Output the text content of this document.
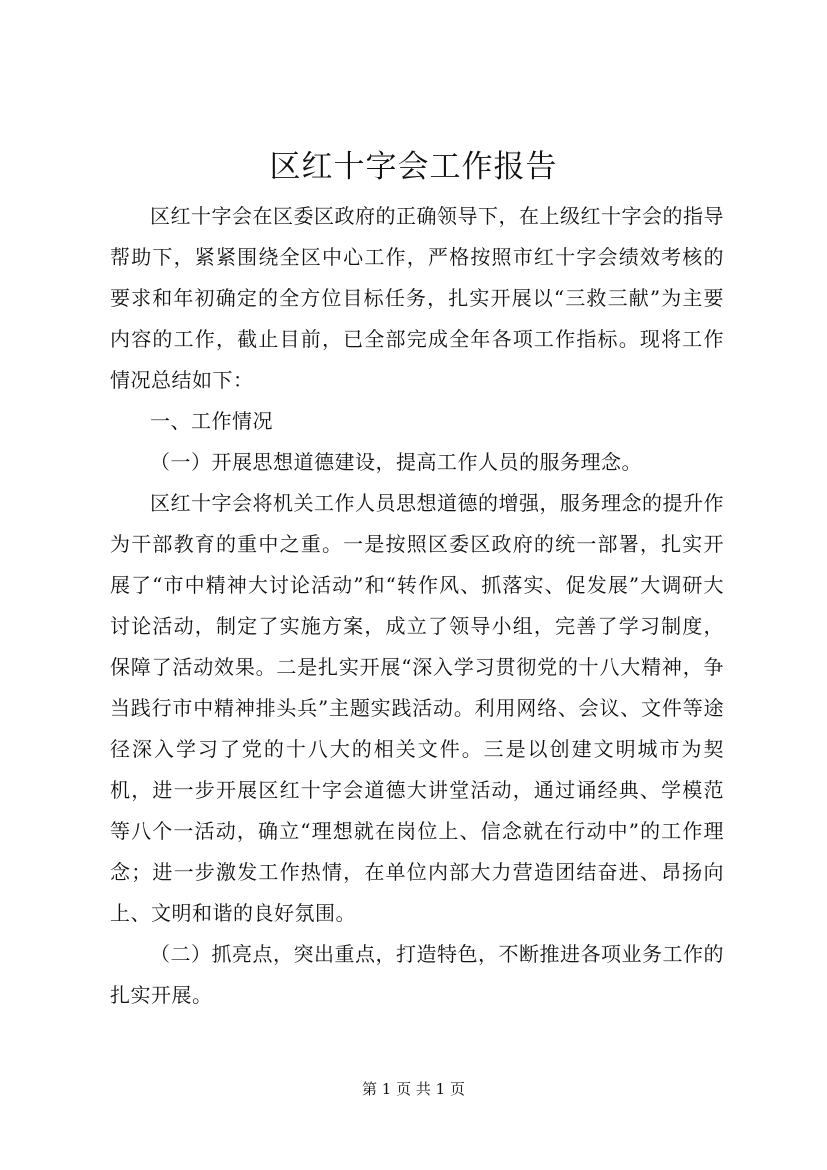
区红十字会工作报告

区红十字会在区委区政府的正确领导下，在上级红十字会的指导帮助下，紧紧围绕全区中心工作，严格按照市红十字会绩效考核的要求和年初确定的全方位目标任务，扎实开展以“三救三献”为主要内容的工作，截止目前，已全部完成全年各项工作指标。现将工作情况总结如下：

一、工作情况

（一）开展思想道德建设，提高工作人员的服务理念。

区红十字会将机关工作人员思想道德的增强，服务理念的提升作为干部教育的重中之重。一是按照区委区政府的统一部署，扎实开展了“市中精神大讨论活动”和“转作风、抓落实、促发展”大调研大讨论活动，制定了实施方案，成立了领导小组，完善了学习制度，保障了活动效果。二是扎实开展“深入学习贯彻党的十八大精神，争当践行市中精神排头兵”主题实践活动。利用网络、会议、文件等途径深入学习了党的十八大的相关文件。三是以创建文明城市为契机，进一步开展区红十字会道德大讲堂活动，通过诵经典、学模范等八个一活动，确立“理想就在岗位上、信念就在行动中”的工作理念；进一步激发工作热情，在单位内部大力营造团结奋进、昂扬向上、文明和谐的良好氛围。

（二）抓亮点，突出重点，打造特色，不断推进各项业务工作的扎实开展。

第 1 页 共 1 页
